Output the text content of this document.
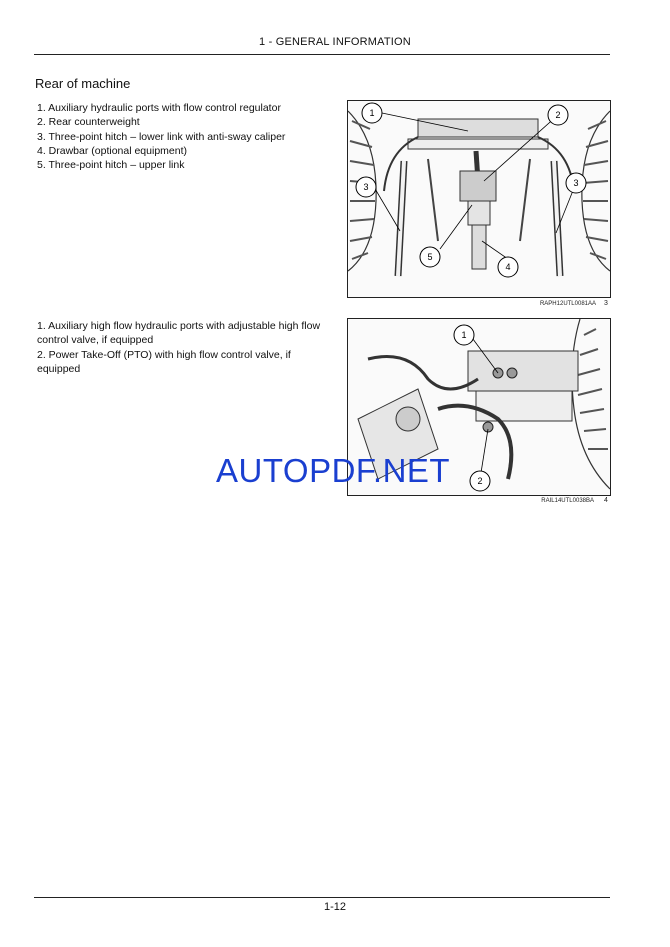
1 - GENERAL INFORMATION
Rear of machine
1. Auxiliary hydraulic ports with flow control regulator
2. Rear counterweight
3. Three-point hitch – lower link with anti-sway caliper
4. Drawbar (optional equipment)
5. Three-point hitch – upper link
1	2
3	3
5
4
RAPH12UTL0081AA 3
1. Auxiliary high flow hydraulic ports with adjustable high flow control valve, if equipped
2. Power Take-Off (PTO) with high flow control valve, if equipped
1
2
RAIL14UTL0038BA 4
AUTOPDF.NET
1-12
